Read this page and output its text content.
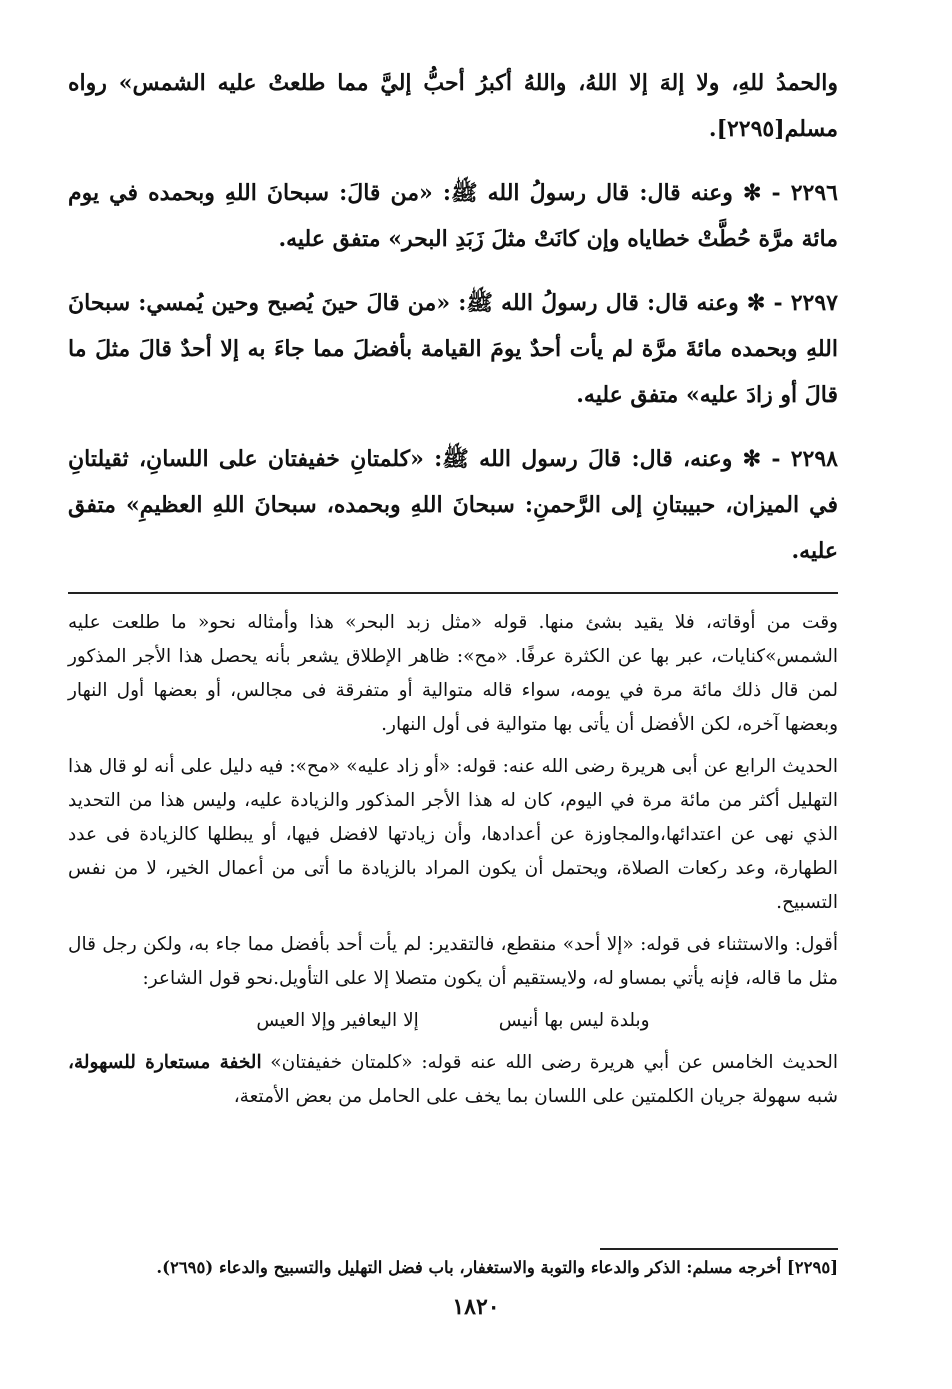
والحمدُ للهِ، ولا إلهَ إلا اللهُ، واللهُ أكبرُ أحبُّ إليَّ مما طلعتْ عليه الشمس» رواه مسلم[٢٢٩٥].

٢٢٩٦ - ✻ وعنه قال: قال رسولُ الله ﷺ: «من قالَ: سبحانَ اللهِ وبحمده في يوم مائة مرَّة حُطَّتْ خطاياه وإن كانَتْ مثلَ زَبَدِ البحر» متفق عليه.

٢٢٩٧ - ✻ وعنه قال: قال رسولُ الله ﷺ: «من قالَ حينَ يُصبح وحين يُمسي: سبحانَ اللهِ وبحمده مائةَ مرَّة لم يأت أحدٌ يومَ القيامة بأفضلَ مما جاءَ به إلا أحدٌ قالَ مثلَ ما قالَ أو زادَ عليه» متفق عليه.

٢٢٩٨ - ✻ وعنه، قال: قالَ رسول الله ﷺ: «كلمتانِ خفيفتان على اللسانِ، ثقيلتانِ في الميزان، حبيبتانِ إلى الرَّحمنِ: سبحانَ اللهِ وبحمده، سبحانَ اللهِ العظيمِ» متفق عليه.

وقت من أوقاته، فلا يقيد بشئ منها. قوله «مثل زبد البحر» هذا وأمثاله نحو« ما طلعت عليه الشمس»كنايات، عبر بها عن الكثرة عرفًا. «مح»: ظاهر الإطلاق يشعر بأنه يحصل هذا الأجر المذكور لمن قال ذلك مائة مرة في يومه، سواء قاله متوالية أو متفرقة فى مجالس، أو بعضها أول النهار وبعضها آخره، لكن الأفضل أن يأتى بها متوالية فى أول النهار.

الحديث الرابع عن أبى هريرة رضى الله عنه: قوله: «أو زاد عليه» «مح»: فيه دليل على أنه لو قال هذا التهليل أكثر من مائة مرة في اليوم، كان له هذا الأجر المذكور والزيادة عليه، وليس هذا من التحديد الذي نهى عن اعتدائها،والمجاوزة عن أعدادها، وأن زيادتها لافضل فيها، أو يبطلها كالزيادة فى عدد الطهارة، وعد ركعات الصلاة، ويحتمل أن يكون المراد بالزيادة ما أتى من أعمال الخير، لا من نفس التسبيح.

أقول: والاستثناء فى قوله: «إلا أحد» منقطع، فالتقدير: لم يأت أحد بأفضل مما جاء به، ولكن رجل قال مثل ما قاله، فإنه يأتي بمساو له، ولايستقيم أن يكون متصلا إلا على التأويل.نحو قول الشاعر:

وبلدة ليس بها أنيس
إلا اليعافير وإلا العيس

الحديث الخامس عن أبي هريرة رضى الله عنه قوله: «كلمتان خفيفتان» الخفة مستعارة للسهولة، شبه سهولة جريان الكلمتين على اللسان بما يخف على الحامل من بعض الأمتعة،

[٢٢٩٥] أخرجه مسلم: الذكر والدعاء والتوبة والاستغفار، باب فضل التهليل والتسبيح والدعاء (٢٦٩٥).
١٨٢٠
